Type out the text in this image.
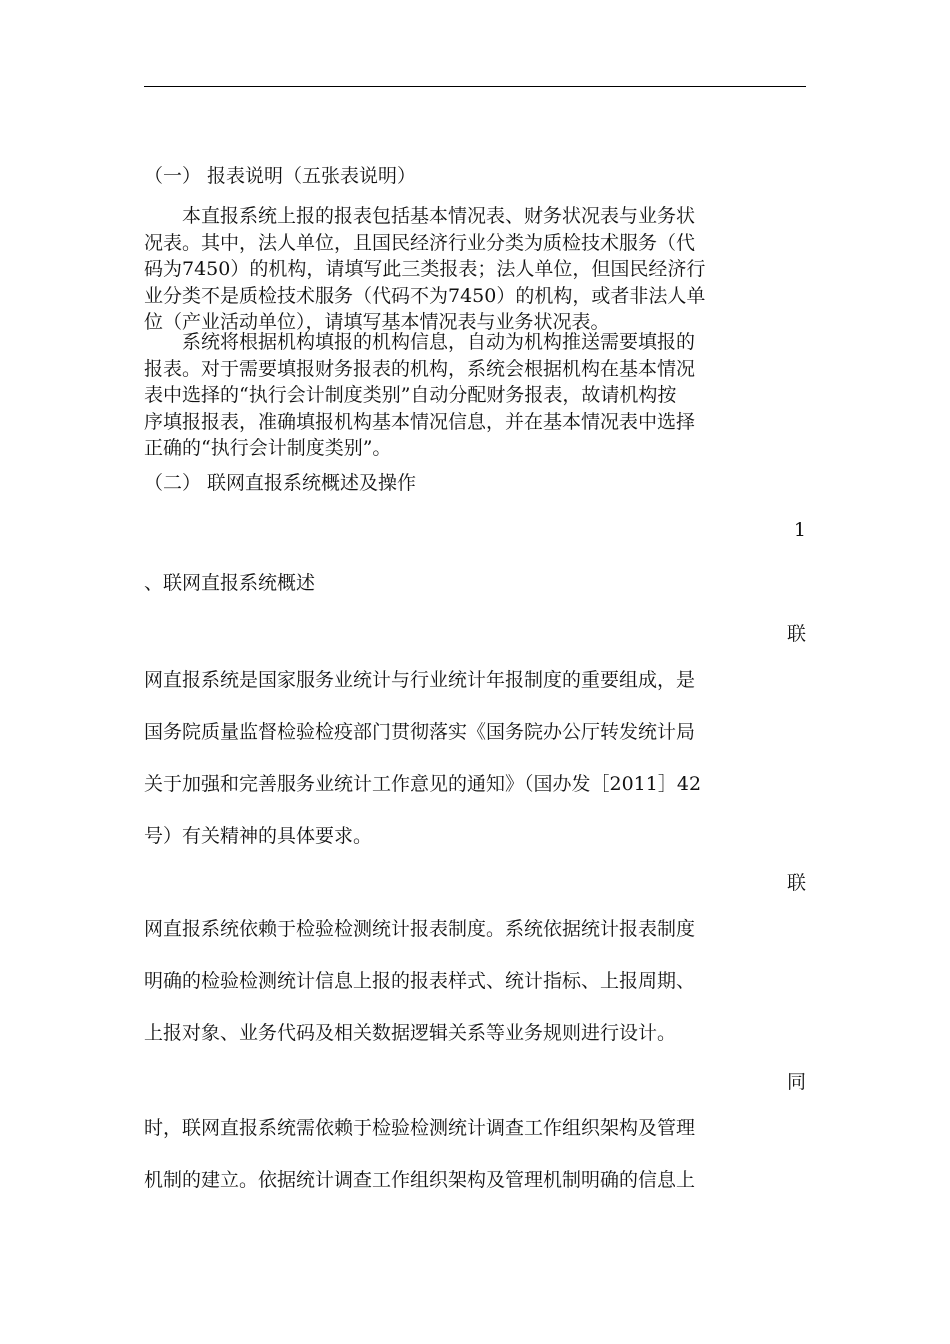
（一） 报表说明（五张表说明）

　　本直报系统上报的报表包括基本情况表、财务状况表与业务状
况表。其中，法人单位，且国民经济行业分类为质检技术服务（代
码为7450）的机构，请填写此三类报表；法人单位，但国民经济行
业分类不是质检技术服务（代码不为7450）的机构，或者非法人单
位（产业活动单位），请填写基本情况表与业务状况表。
　　系统将根据机构填报的机构信息，自动为机构推送需要填报的
报表。对于需要填报财务报表的机构，系统会根据机构在基本情况
表中选择的“执行会计制度类别”自动分配财务报表，故请机构按
序填报报表，准确填报机构基本情况信息，并在基本情况表中选择
正确的“执行会计制度类别”。

（二） 联网直报系统概述及操作

1

、联网直报系统概述

联
网直报系统是国家服务业统计与行业统计年报制度的重要组成，是
国务院质量监督检验检疫部门贯彻落实《国务院办公厅转发统计局
关于加强和完善服务业统计工作意见的通知》（国办发［2011］42
号）有关精神的具体要求。
联
网直报系统依赖于检验检测统计报表制度。系统依据统计报表制度
明确的检验检测统计信息上报的报表样式、统计指标、上报周期、
上报对象、业务代码及相关数据逻辑关系等业务规则进行设计。
同
时，联网直报系统需依赖于检验检测统计调查工作组织架构及管理
机制的建立。依据统计调查工作组织架构及管理机制明确的信息上
